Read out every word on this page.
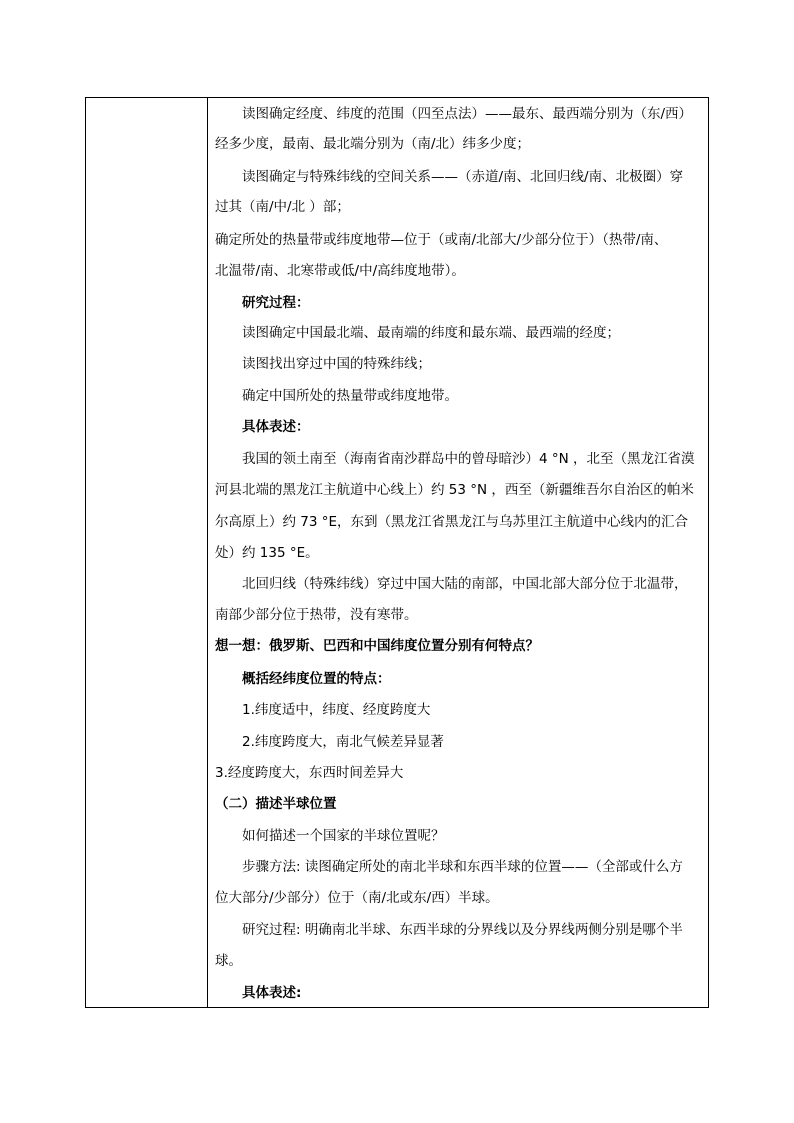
读图确定经度、纬度的范围（四至点法）——最东、最西端分别为（东/西）
经多少度，最南、最北端分别为（南/北）纬多少度；
读图确定与特殊纬线的空间关系——（赤道/南、北回归线/南、北极圈）穿
过其（南/中/北 ）部；
确定所处的热量带或纬度地带—位于（或南/北部大/少部分位于）（热带/南、
北温带/南、北寒带或低/中/高纬度地带）。
研究过程：
读图确定中国最北端、最南端的纬度和最东端、最西端的经度；
读图找出穿过中国的特殊纬线；
确定中国所处的热量带或纬度地带。
具体表述：
我国的领土南至（海南省南沙群岛中的曾母暗沙）4 °N ，北至（黑龙江省漠
河县北端的黑龙江主航道中心线上）约 53 °N ，西至（新疆维吾尔自治区的帕米
尔高原上）约 73 °E，东到（黑龙江省黑龙江与乌苏里江主航道中心线内的汇合
处）约 135 °E。
北回归线（特殊纬线）穿过中国大陆的南部，中国北部大部分位于北温带，
南部少部分位于热带，没有寒带。
想一想：俄罗斯、巴西和中国纬度位置分别有何特点？
概括经纬度位置的特点：
1.纬度适中，纬度、经度跨度大
2.纬度跨度大，南北气候差异显著
3.经度跨度大，东西时间差异大
（二）描述半球位置
如何描述一个国家的半球位置呢？
步骤方法: 读图确定所处的南北半球和东西半球的位置——（全部或什么方
位大部分/少部分）位于（南/北或东/西）半球。
研究过程: 明确南北半球、东西半球的分界线以及分界线两侧分别是哪个半
球。
具体表述:
